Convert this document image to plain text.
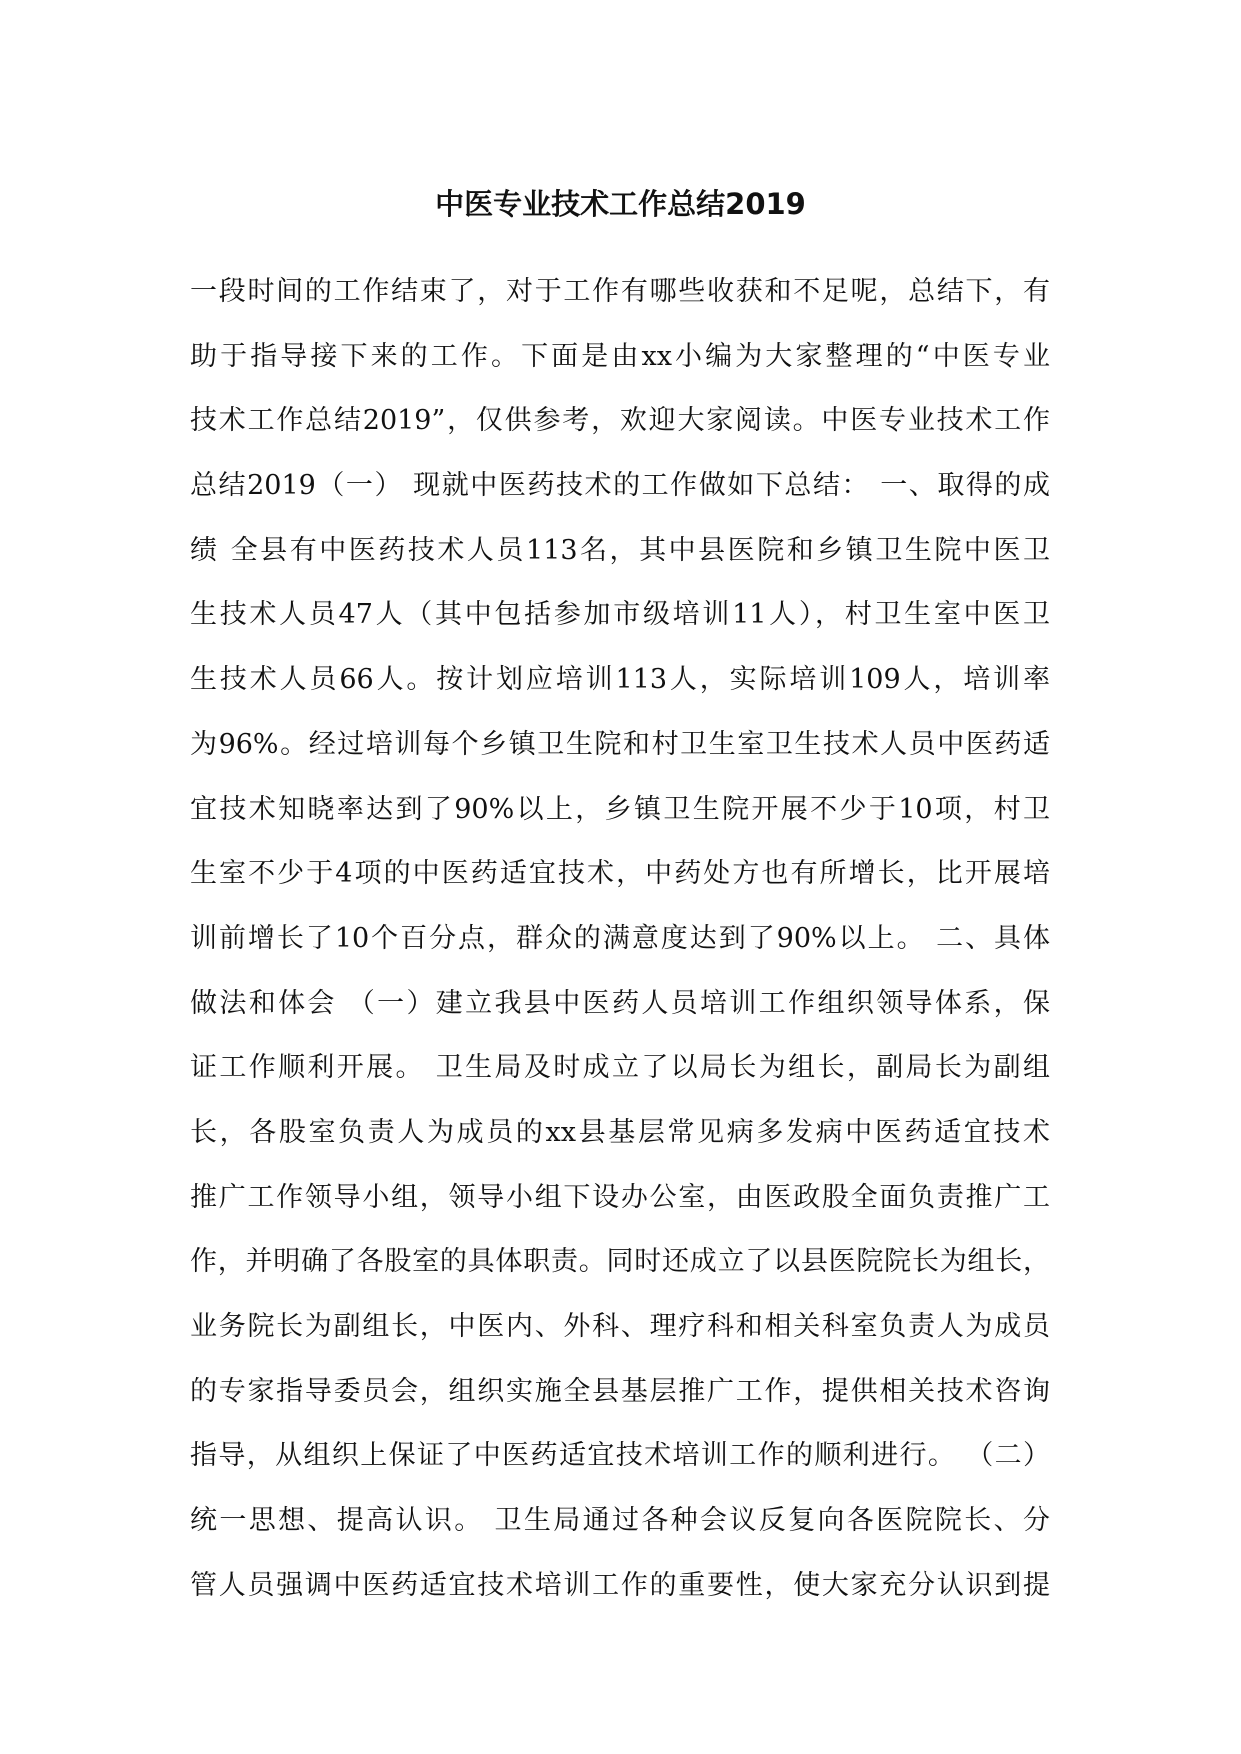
中医专业技术工作总结2019
一段时间的工作结束了，对于工作有哪些收获和不足呢，总结下，有
助于指导接下来的工作。下面是由xx小编为大家整理的“中医专业
技术工作总结2019”，仅供参考，欢迎大家阅读。中医专业技术工作
总结2019（一） 现就中医药技术的工作做如下总结： 一、取得的成
绩 全县有中医药技术人员113名，其中县医院和乡镇卫生院中医卫
生技术人员47人（其中包括参加市级培训11人），村卫生室中医卫
生技术人员66人。按计划应培训113人，实际培训109人，培训率
为96%。经过培训每个乡镇卫生院和村卫生室卫生技术人员中医药适
宜技术知晓率达到了90%以上，乡镇卫生院开展不少于10项，村卫
生室不少于4项的中医药适宜技术，中药处方也有所增长，比开展培
训前增长了10个百分点，群众的满意度达到了90%以上。 二、具体
做法和体会 （一）建立我县中医药人员培训工作组织领导体系，保
证工作顺利开展。 卫生局及时成立了以局长为组长，副局长为副组
长，各股室负责人为成员的xx县基层常见病多发病中医药适宜技术
推广工作领导小组，领导小组下设办公室，由医政股全面负责推广工
作，并明确了各股室的具体职责。同时还成立了以县医院院长为组长，
业务院长为副组长，中医内、外科、理疗科和相关科室负责人为成员
的专家指导委员会，组织实施全县基层推广工作，提供相关技术咨询
指导，从组织上保证了中医药适宜技术培训工作的顺利进行。 （二）
统一思想、提高认识。 卫生局通过各种会议反复向各医院院长、分
管人员强调中医药适宜技术培训工作的重要性，使大家充分认识到提
